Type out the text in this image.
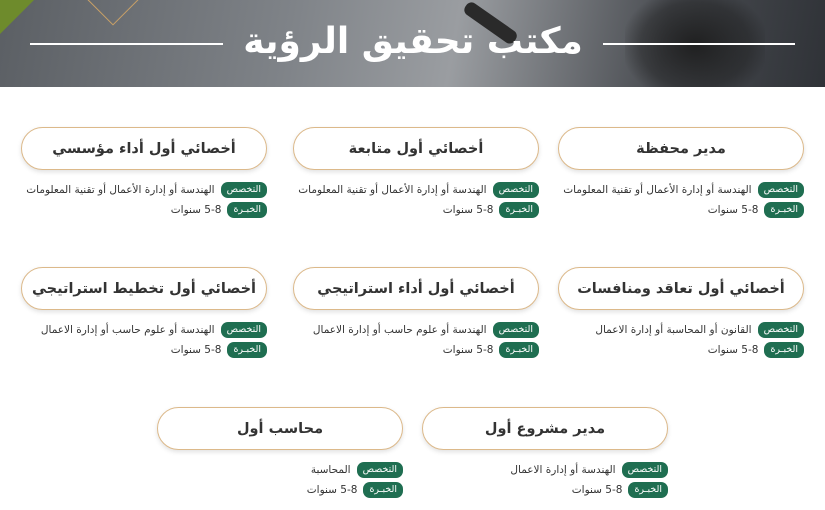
مكتب تحقيق الرؤية
مدير محفظة
التخصص
الهندسة أو إدارة الأعمال أو تقنية المعلومات
الخبـرة
5-8 سنوات
أخصائي أول متابعة
التخصص
الهندسة أو إدارة الأعمال أو تقنية المعلومات
الخبـرة
5-8 سنوات
أخصائي أول أداء مؤسسي
التخصص
الهندسة أو إدارة الأعمال أو تقنية المعلومات
الخبـرة
5-8 سنوات
أخصائي أول تعاقد ومنافسات
التخصص
القانون أو المحاسبة أو إدارة الاعمال
الخبـرة
5-8 سنوات
أخصائي أول أداء استراتيجي
التخصص
الهندسة أو علوم حاسب أو إدارة الاعمال
الخبـرة
5-8 سنوات
أخصائي أول تخطيط استراتيجي
التخصص
الهندسة أو علوم حاسب أو إدارة الاعمال
الخبـرة
5-8 سنوات
مدير مشروع أول
التخصص
الهندسة أو إدارة الاعمال
الخبـرة
5-8 سنوات
محاسب أول
التخصص
المحاسبة
الخبـرة
5-8 سنوات
